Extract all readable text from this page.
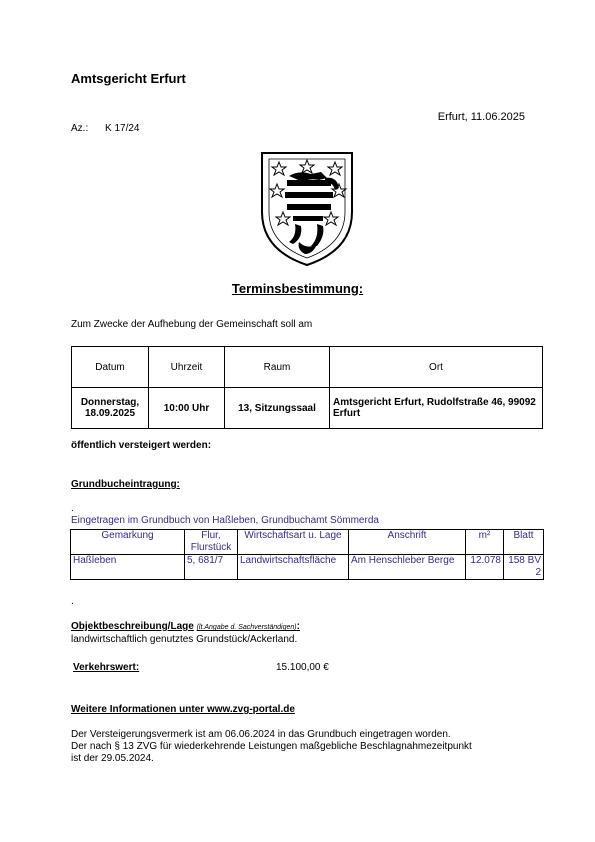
Amtsgericht Erfurt
Erfurt, 11.06.2025
Az.: K 17/24
Terminsbestimmung:
Zum Zwecke der Aufhebung der Gemeinschaft soll am
Datum	Uhrzeit	Raum	Ort
Donnerstag, 18.09.2025	10:00 Uhr	13, Sitzungssaal	Amtsgericht Erfurt, Rudolfstraße 46, 99092 Erfurt
öffentlich versteigert werden:
Grundbucheintragung:
.
Eingetragen im Grundbuch von Haßleben, Grundbuchamt Sömmerda
Gemarkung	Flur, Flurstück	Wirtschaftsart u. Lage	Anschrift	m²	Blatt
Haßleben	5, 681/7	Landwirtschaftsfläche	Am Henschleber Berge	12.078	158 BV 2
.
Objektbeschreibung/Lage (lt.Angabe d. Sachverständigen):
landwirtschaftlich genutztes Grundstück/Ackerland.
Verkehrswert:	15.100,00 €
Weitere Informationen unter www.zvg-portal.de
Der Versteigerungsvermerk ist am 06.06.2024 in das Grundbuch eingetragen worden.
Der nach § 13 ZVG für wiederkehrende Leistungen maßgebliche Beschlagnahmezeitpunkt
ist der 29.05.2024.
